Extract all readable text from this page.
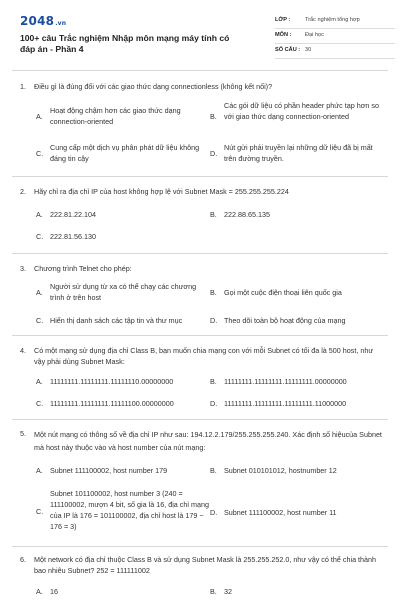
2048.vn
100+ câu Trắc nghiệm Nhập môn mạng máy tính có đáp án - Phần 4
LỚP :	Trắc nghiệm tổng hợp
MÔN : Đại học
SỐ CÂU : 30
1. Điều gì là đúng đối với các giao thức dạng connectionless (không kết nối)?
A.
Hoạt động chậm hơn các giao thức dạng connection-oriented
B.
Các gói dữ liệu có phần header phức tạp hơn so với giao thức dạng connection-oriented
C.
Cung cấp một dịch vụ phân phát dữ liệu không đáng tin cậy
D.
Nút gửi phải truyền lại những dữ liệu đã bị mất trên đường truyền.
2. Hãy chỉ ra địa chỉ IP của host không hợp lệ với Subnet Mask = 255.255.255.224
A. 222.81.22.104	B. 222.88.65.135
C. 222.81.56.130
3. Chương trình Telnet cho phép:
A.
Người sử dụng từ xa có thể chạy các chương trình ở trên host
B. Gọi một cuộc điện thoại liên quốc gia
C. Hiển thị danh sách các tập tin và thư mục	D. Theo dõi toàn bộ hoạt động của mạng
4. Có một mạng sử dụng địa chỉ Class B, bạn muốn chia mạng con với mỗi Subnet có tối đa là 500 host, như vậy phải dùng Subnet Mask:
A. 11111111.11111111.11111110.00000000	B. 11111111.11111111.11111111.00000000
C. 11111111.11111111.11111100.00000000	D. 11111111.11111111.11111111.11000000
5. Một nút mạng có thông số về địa chỉ IP như sau: 194.12.2.179/255.255.255.240. Xác định số hiệucủa Subnet mà host này thuộc vào và host number của nút mạng:
A. Subnet 111100002, host number 179	B. Subnet 010101012, hostnumber 12
C.
Subnet 101100002, host number 3 (240 = 111100002, mượn 4 bit, số gia là 16, địa chỉ mạng của IP là 176 = 101100002, địa chỉ host là 179 − 176 = 3)
D. Subnet 111100002, host number 11
6. Một network có địa chỉ thuộc Class B và sử dụng Subnet Mask là 255.255.252.0, như vậy có thể chia thành bao nhiêu Subnet? 252 = 111111002
A. 16	B. 32
